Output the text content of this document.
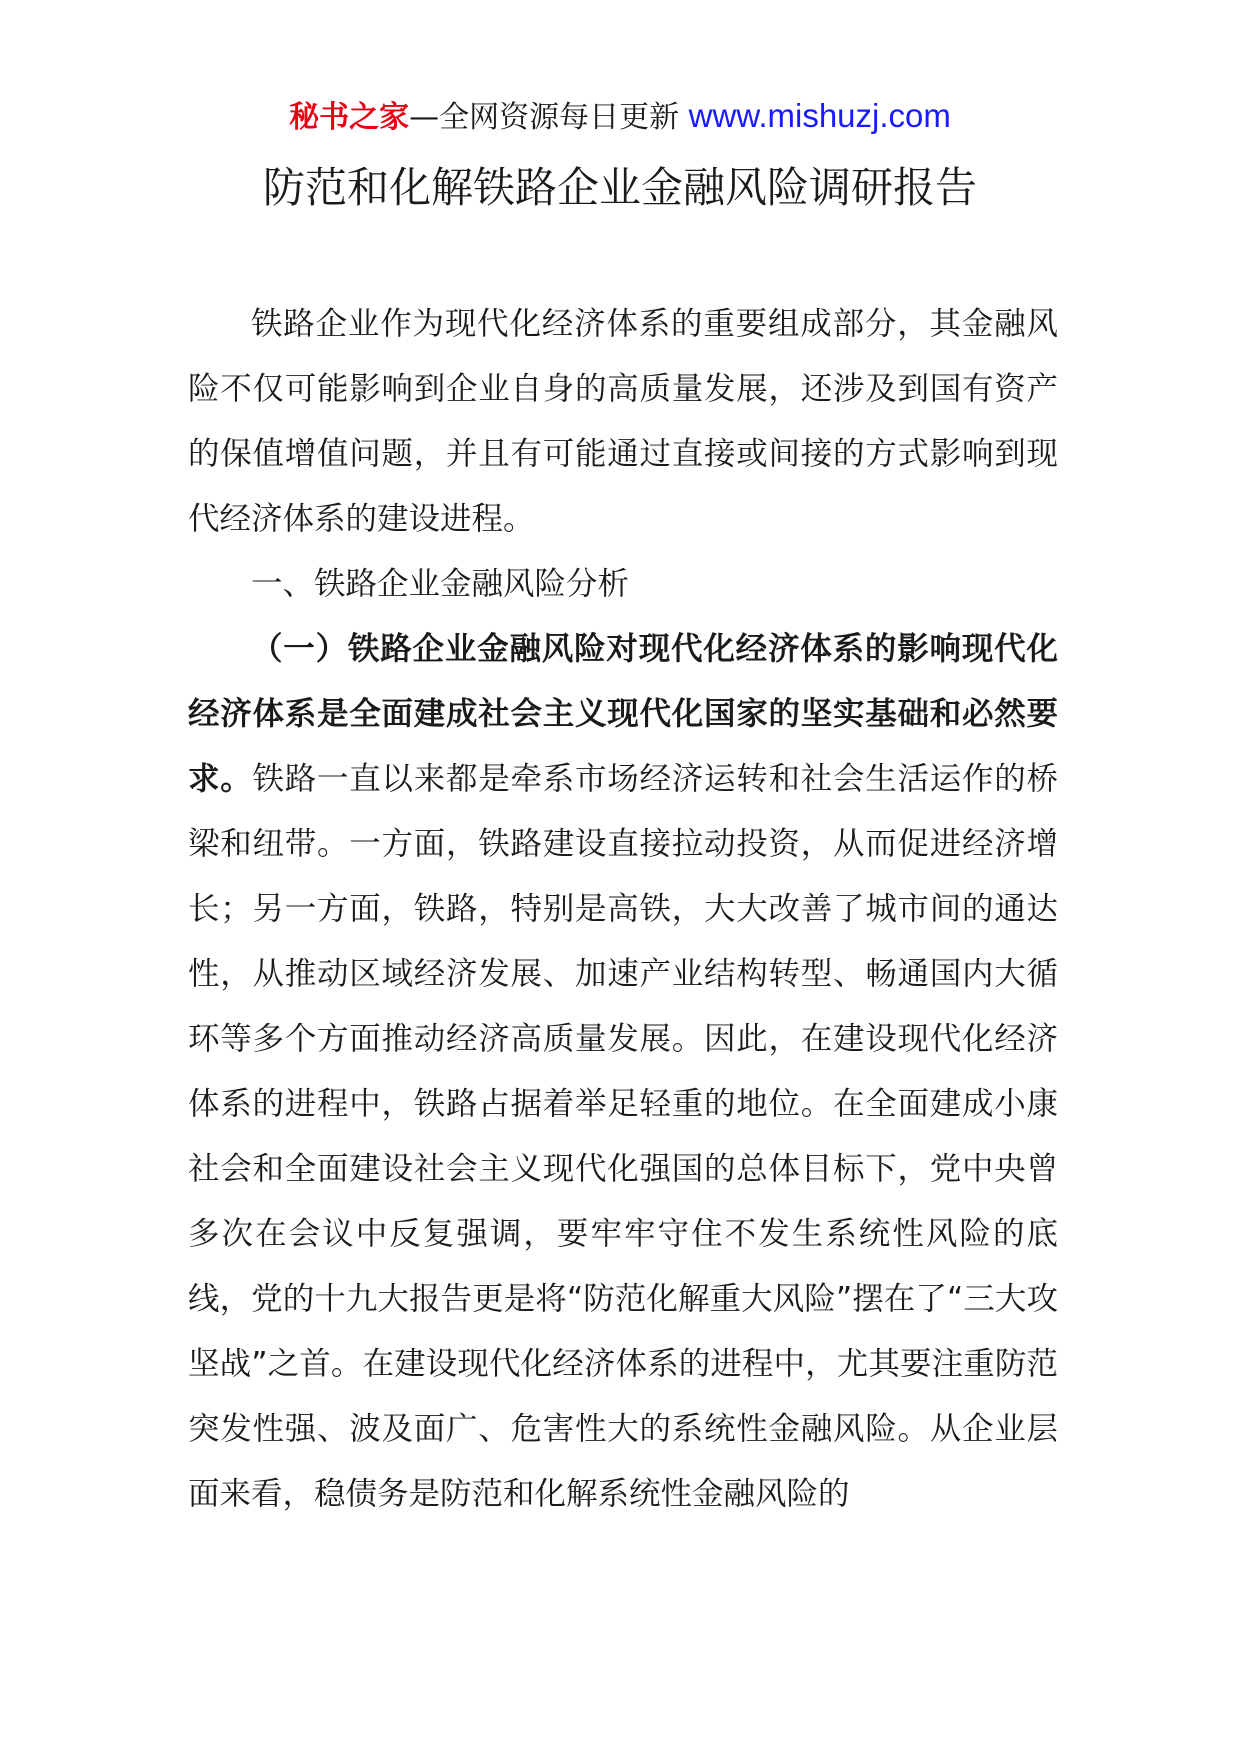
秘书之家—全网资源每日更新 www.mishuzj.com
防范和化解铁路企业金融风险调研报告

铁路企业作为现代化经济体系的重要组成部分，其金融风险不仅可能影响到企业自身的高质量发展，还涉及到国有资产的保值增值问题，并且有可能通过直接或间接的方式影响到现代经济体系的建设进程。

一、铁路企业金融风险分析

（一）铁路企业金融风险对现代化经济体系的影响现代化经济体系是全面建成社会主义现代化国家的坚实基础和必然要求。铁路一直以来都是牵系市场经济运转和社会生活运作的桥梁和纽带。一方面，铁路建设直接拉动投资，从而促进经济增长；另一方面，铁路，特别是高铁，大大改善了城市间的通达性，从推动区域经济发展、加速产业结构转型、畅通国内大循环等多个方面推动经济高质量发展。因此，在建设现代化经济体系的进程中，铁路占据着举足轻重的地位。在全面建成小康社会和全面建设社会主义现代化强国的总体目标下，党中央曾多次在会议中反复强调，要牢牢守住不发生系统性风险的底线，党的十九大报告更是将“防范化解重大风险”摆在了“三大攻坚战”之首。在建设现代化经济体系的进程中，尤其要注重防范突发性强、波及面广、危害性大的系统性金融风险。从企业层面来看，稳债务是防范和化解系统性金融风险的
